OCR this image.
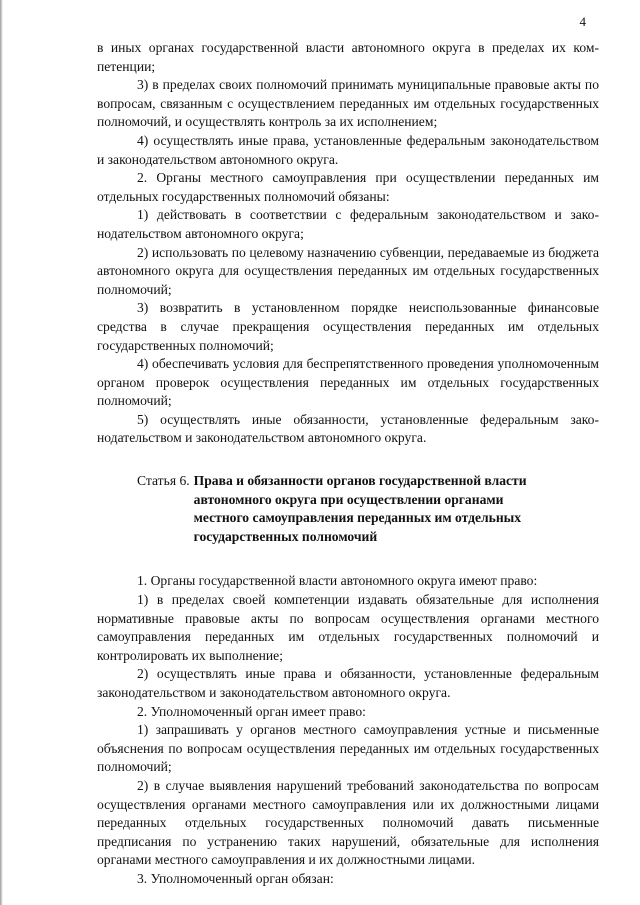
4

в иных органах государственной власти автономного округа в пределах их компетенции;

3) в пределах своих полномочий принимать муниципальные правовые акты по вопросам, связанным с осуществлением переданных им отдельных государственных полномочий, и осуществлять контроль за их исполнением;

4) осуществлять иные права, установленные федеральным законодательством и законодательством автономного округа.

2. Органы местного самоуправления при осуществлении переданных им отдельных государственных полномочий обязаны:

1) действовать в соответствии с федеральным законодательством и законодательством автономного округа;

2) использовать по целевому назначению субвенции, передаваемые из бюджета автономного округа для осуществления переданных им отдельных государственных полномочий;

3) возвратить в установленном порядке неиспользованные финансовые средства в случае прекращения осуществления переданных им отдельных государственных полномочий;

4) обеспечивать условия для беспрепятственного проведения уполномоченным органом проверок осуществления переданных им отдельных государственных полномочий;

5) осуществлять иные обязанности, установленные федеральным законодательством и законодательством автономного округа.

Статья 6. Права и обязанности органов государственной власти автономного округа при осуществлении органами местного самоуправления переданных им отдельных государственных полномочий

1. Органы государственной власти автономного округа имеют право:

1) в пределах своей компетенции издавать обязательные для исполнения нормативные правовые акты по вопросам осуществления органами местного самоуправления переданных им отдельных государственных полномочий и контролировать их выполнение;

2) осуществлять иные права и обязанности, установленные федеральным законодательством и законодательством автономного округа.

2. Уполномоченный орган имеет право:

1) запрашивать у органов местного самоуправления устные и письменные объяснения по вопросам осуществления переданных им отдельных государственных полномочий;

2) в случае выявления нарушений требований законодательства по вопросам осуществления органами местного самоуправления или их должностными лицами переданных отдельных государственных полномочий давать письменные предписания по устранению таких нарушений, обязательные для исполнения органами местного самоуправления и их должностными лицами.

3. Уполномоченный орган обязан:
